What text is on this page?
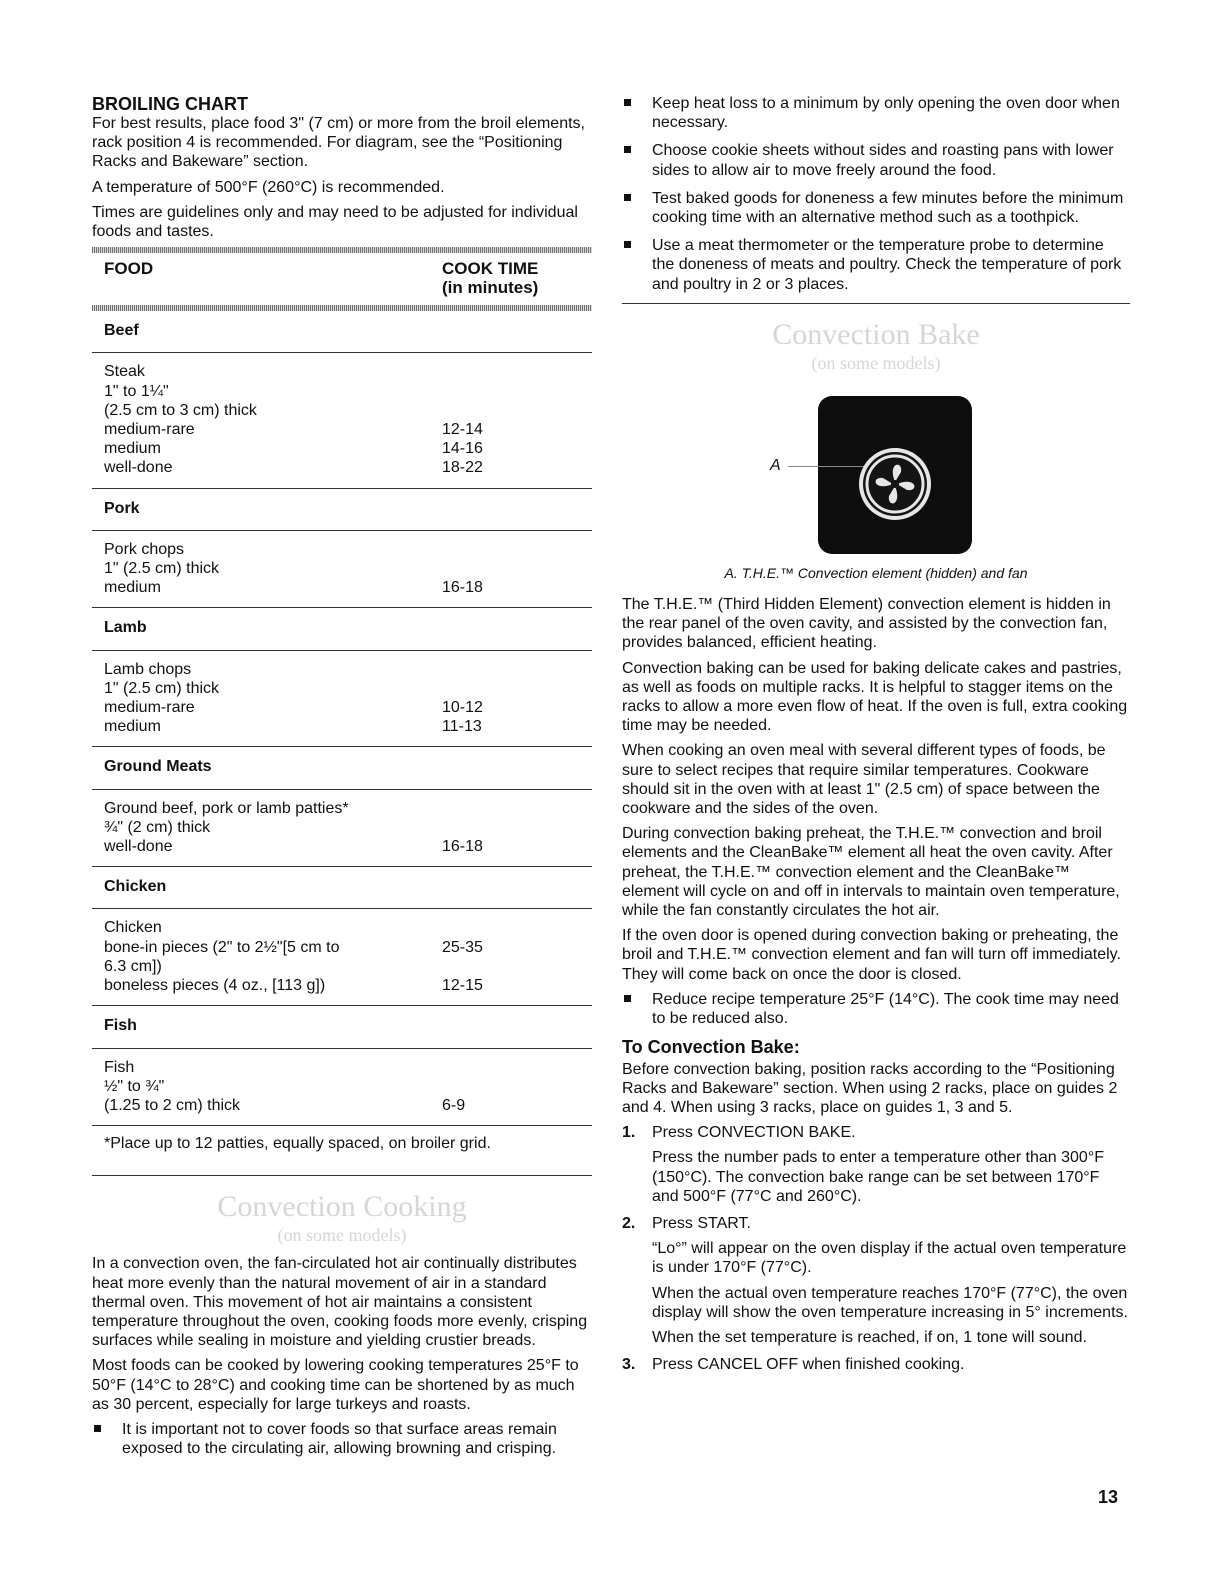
BROILING CHART

For best results, place food 3" (7 cm) or more from the broil elements, rack position 4 is recommended. For diagram, see the “Positioning Racks and Bakeware” section.

A temperature of 500°F (260°C) is recommended.

Times are guidelines only and may need to be adjusted for individual foods and tastes.

FOOD	COOK TIME
(in minutes)
Beef
Steak
1" to 1¼"
(2.5 cm to 3 cm) thick
medium-rare	12-14
medium	14-16
well-done	18-22
Pork
Pork chops
1" (2.5 cm) thick
medium	16-18
Lamb
Lamb chops
1" (2.5 cm) thick
medium-rare	10-12
medium	11-13
Ground Meats
Ground beef, pork or lamb patties*
¾" (2 cm) thick
well-done	16-18
Chicken
Chicken
bone-in pieces (2" to 2½"[5 cm to	25-35
6.3 cm])
boneless pieces (4 oz., [113 g])	12-15
Fish
Fish
½" to ¾"
(1.25 to 2 cm) thick	6-9
*Place up to 12 patties, equally spaced, on broiler grid.
Convection Cooking
(on some models)

In a convection oven, the fan-circulated hot air continually distributes heat more evenly than the natural movement of air in a standard thermal oven. This movement of hot air maintains a consistent temperature throughout the oven, cooking foods more evenly, crisping surfaces while sealing in moisture and yielding crustier breads.

Most foods can be cooked by lowering cooking temperatures 25°F to 50°F (14°C to 28°C) and cooking time can be shortened by as much as 30 percent, especially for large turkeys and roasts.

It is important not to cover foods so that surface areas remain exposed to the circulating air, allowing browning and crisping.
Keep heat loss to a minimum by only opening the oven door when necessary.
Choose cookie sheets without sides and roasting pans with lower sides to allow air to move freely around the food.
Test baked goods for doneness a few minutes before the minimum cooking time with an alternative method such as a toothpick.
Use a meat thermometer or the temperature probe to determine the doneness of meats and poultry. Check the temperature of pork and poultry in 2 or 3 places.
Convection Bake
(on some models)
A
A. T.H.E.™ Convection element (hidden) and fan

The T.H.E.™ (Third Hidden Element) convection element is hidden in the rear panel of the oven cavity, and assisted by the convection fan, provides balanced, efficient heating.

Convection baking can be used for baking delicate cakes and pastries, as well as foods on multiple racks. It is helpful to stagger items on the racks to allow a more even flow of heat. If the oven is full, extra cooking time may be needed.

When cooking an oven meal with several different types of foods, be sure to select recipes that require similar temperatures. Cookware should sit in the oven with at least 1" (2.5 cm) of space between the cookware and the sides of the oven.

During convection baking preheat, the T.H.E.™ convection and broil elements and the CleanBake™ element all heat the oven cavity. After preheat, the T.H.E.™ convection element and the CleanBake™ element will cycle on and off in intervals to maintain oven temperature, while the fan constantly circulates the hot air.

If the oven door is opened during convection baking or preheating, the broil and T.H.E.™ convection element and fan will turn off immediately. They will come back on once the door is closed.

Reduce recipe temperature 25°F (14°C). The cook time may need to be reduced also.
To Convection Bake:

Before convection baking, position racks according to the “Positioning Racks and Bakeware” section. When using 2 racks, place on guides 2 and 4. When using 3 racks, place on guides 1, 3 and 5.

1. Press CONVECTION BAKE.
Press the number pads to enter a temperature other than 300°F (150°C). The convection bake range can be set between 170°F and 500°F (77°C and 260°C).
2. Press START.
“Lo°” will appear on the oven display if the actual oven temperature is under 170°F (77°C).
When the actual oven temperature reaches 170°F (77°C), the oven display will show the oven temperature increasing in 5° increments.
When the set temperature is reached, if on, 1 tone will sound.
3. Press CANCEL OFF when finished cooking.
13
